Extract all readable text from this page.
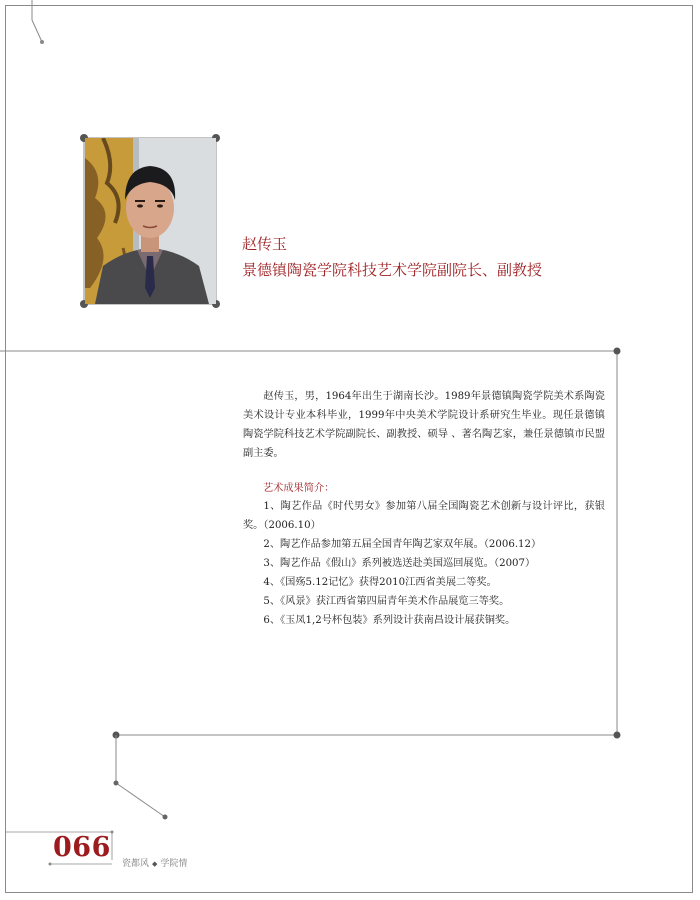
赵传玉
景德镇陶瓷学院科技艺术学院副院长、副教授

赵传玉，男，1964年出生于湖南长沙。1989年景德镇陶瓷学院美术系陶瓷美术设计专业本科毕业，1999年中央美术学院设计系研究生毕业。现任景德镇陶瓷学院科技艺术学院副院长、副教授、硕导 、著名陶艺家，兼任景德镇市民盟副主委。

艺术成果简介：
1、陶艺作品《时代男女》参加第八届全国陶瓷艺术创新与设计评比，获银奖。（2006.10）
2、陶艺作品参加第五届全国青年陶艺家双年展。（2006.12）
3、陶艺作品《假山》系列被选送赴美国巡回展览。（2007）
4、《国殇5.12记忆》获得2010江西省美展二等奖。
5、《风景》获江西省第四届青年美术作品展览三等奖。
6、《玉凤1,2号杯包装》系列设计获南昌设计展获铜奖。
066
瓷都风 ◆ 学院情
